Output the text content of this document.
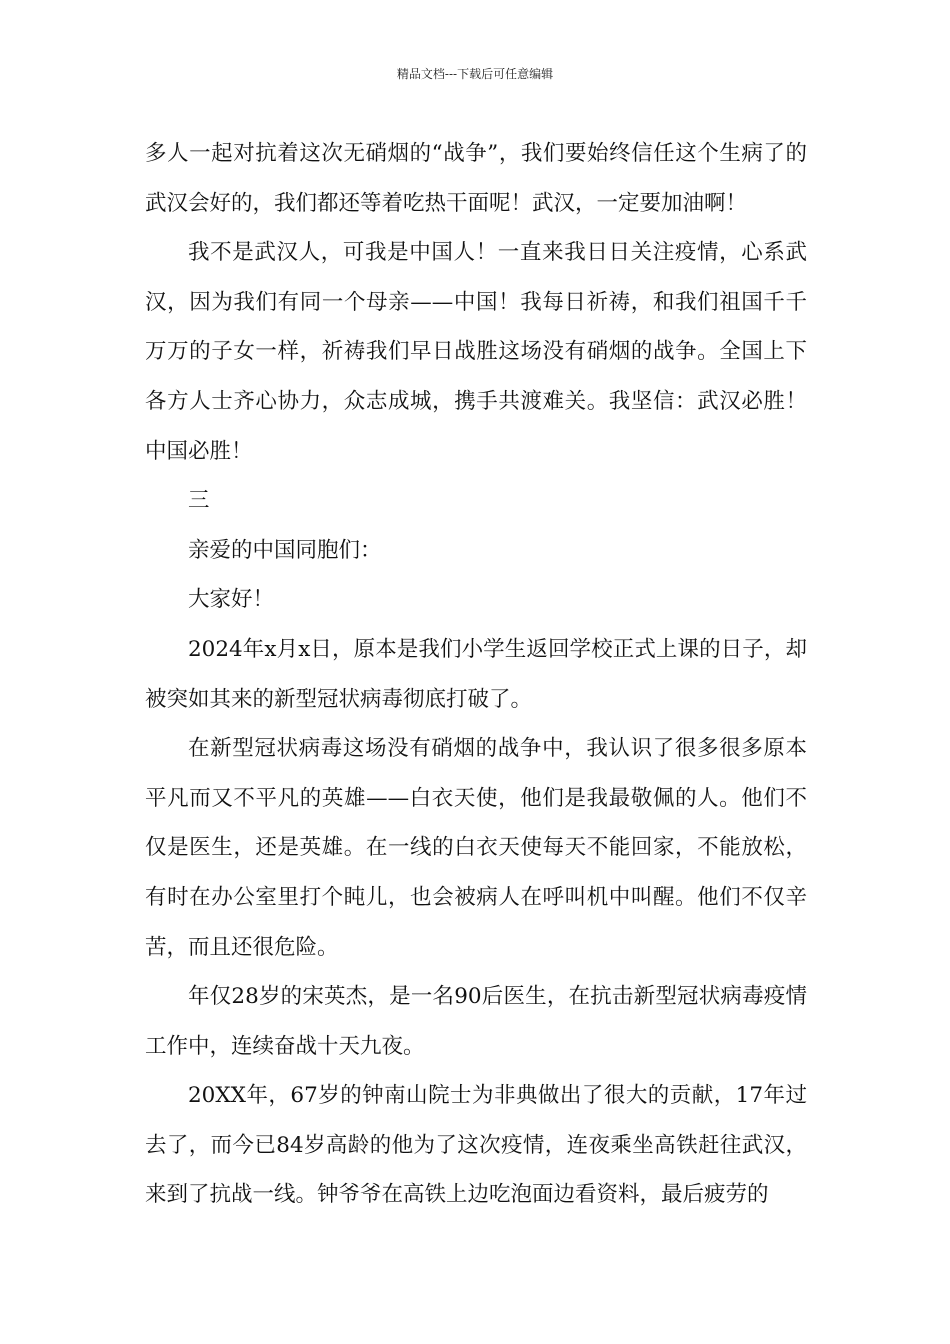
精品文档---下载后可任意编辑

多人一起对抗着这次无硝烟的“战争”，我们要始终信任这个生病了的武汉会好的，我们都还等着吃热干面呢！武汉，一定要加油啊！

我不是武汉人，可我是中国人！一直来我日日关注疫情，心系武汉，因为我们有同一个母亲——中国！我每日祈祷，和我们祖国千千万万的子女一样，祈祷我们早日战胜这场没有硝烟的战争。全国上下各方人士齐心协力，众志成城，携手共渡难关。我坚信：武汉必胜！中国必胜！

三

亲爱的中国同胞们：

大家好！

2024年x月x日，原本是我们小学生返回学校正式上课的日子，却被突如其来的新型冠状病毒彻底打破了。

在新型冠状病毒这场没有硝烟的战争中，我认识了很多很多原本平凡而又不平凡的英雄——白衣天使，他们是我最敬佩的人。他们不仅是医生，还是英雄。在一线的白衣天使每天不能回家，不能放松，有时在办公室里打个盹儿，也会被病人在呼叫机中叫醒。他们不仅辛苦，而且还很危险。

年仅28岁的宋英杰，是一名90后医生，在抗击新型冠状病毒疫情工作中，连续奋战十天九夜。

20XX年，67岁的钟南山院士为非典做出了很大的贡献，17年过去了，而今已84岁高龄的他为了这次疫情，连夜乘坐高铁赶往武汉，来到了抗战一线。钟爷爷在高铁上边吃泡面边看资料，最后疲劳的
